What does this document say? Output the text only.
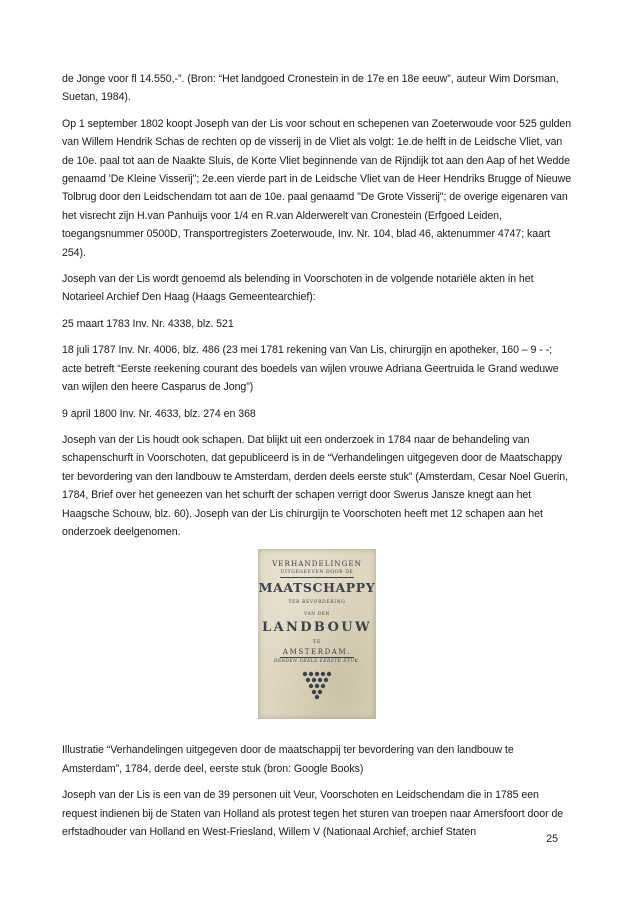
de Jonge voor fl 14.550,-”. (Bron: “Het landgoed Cronestein in de 17e en 18e eeuw”, auteur Wim Dorsman, Suetan, 1984).

Op 1 september 1802 koopt Joseph van der Lis voor schout en schepenen van Zoeterwoude voor 525 gulden van Willem Hendrik Schas de rechten op de visserij in de Vliet als volgt: 1e.de helft in de Leidsche Vliet, van de 10e. paal tot aan de Naakte Sluis, de Korte Vliet beginnende van de Rijndijk tot aan den Aap of het Wedde genaamd 'De Kleine Visserij"; 2e.een vierde part in de Leidsche Vliet van de Heer Hendriks Brugge of Nieuwe Tolbrug door den Leidschendam tot aan de 10e. paal genaamd "De Grote Visserij"; de overige eigenaren van het visrecht zijn H.van Panhuijs voor 1/4 en R.van Alderwerelt van Cronestein (Erfgoed Leiden, toegangsnummer 0500D, Transportregisters Zoeterwoude, Inv. Nr. 104, blad 46, aktenummer 4747; kaart 254).

Joseph van der Lis wordt genoemd als belending in Voorschoten in de volgende notariële akten in het Notarieel Archief Den Haag (Haags Gemeentearchief):

25 maart 1783 Inv. Nr. 4338, blz. 521

18 juli 1787 Inv. Nr. 4006, blz. 486 (23 mei 1781 rekening van Van Lis, chirurgijn en apotheker, 160 – 9 - -; acte betreft “Eerste reekening courant des boedels van wijlen vrouwe Adriana Geertruida le Grand weduwe van wijlen den heere Casparus de Jong”)

9 april 1800 Inv. Nr. 4633, blz. 274 en 368

Joseph van der Lis houdt ook schapen. Dat blijkt uit een onderzoek in 1784 naar de behandeling van schapenschurft in Voorschoten, dat gepubliceerd is in de “Verhandelingen uitgegeven door de Maatschappy ter bevordering van den landbouw te Amsterdam, derden deels eerste stuk” (Amsterdam, Cesar Noel Guerin, 1784, Brief over het geneezen van het schurft der schapen verrigt door Swerus Jansze knegt aan het Haagsche Schouw, blz. 60). Joseph van der Lis chirurgijn te Voorschoten heeft met 12 schapen aan het onderzoek deelgenomen.

VERHANDELINGEN
UITGEGEEVEN DOOR DE
MAATSCHAPPY
TER BEVORDERING
VAN DEN
LANDBOUW
TE
AMSTERDAM.
DERDEN DEELS EERSTE STUK.

Illustratie “Verhandelingen uitgegeven door de maatschappij ter bevordering van den landbouw te Amsterdam”, 1784, derde deel, eerste stuk (bron: Google Books)

Joseph van der Lis is een van de 39 personen uit Veur, Voorschoten en Leidschendam die in 1785 een request indienen bij de Staten van Holland als protest tegen het sturen van troepen naar Amersfoort door de erfstadhouder van Holland en West-Friesland, Willem V (Nationaal Archief, archief Staten

25
